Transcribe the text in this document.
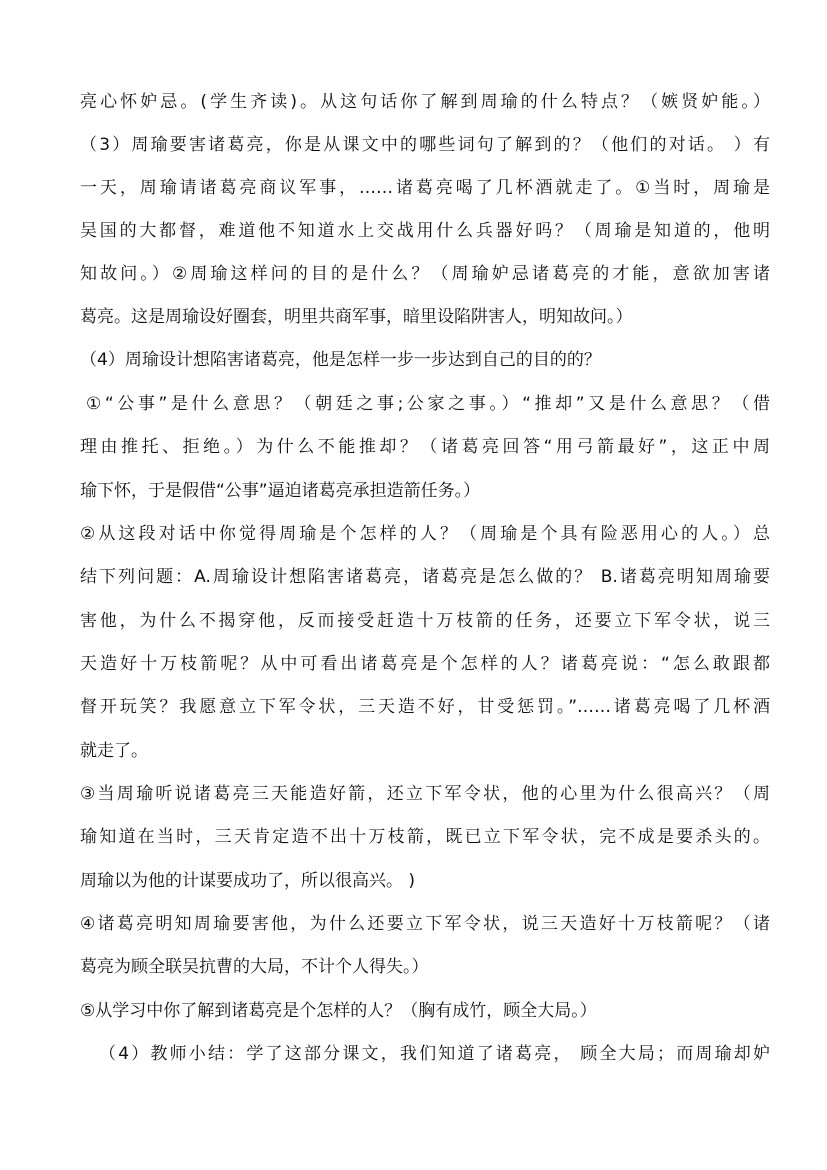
亮心怀妒忌。(学生齐读)。从这句话你了解到周瑜的什么特点？（嫉贤妒能。）
（3）周瑜要害诸葛亮，你是从课文中的哪些词句了解到的？（他们的对话。 ）有
一天，周瑜请诸葛亮商议军事，……诸葛亮喝了几杯酒就走了。①当时，周瑜是
吴国的大都督，难道他不知道水上交战用什么兵器好吗？（周瑜是知道的，他明
知故问。）②周瑜这样问的目的是什么？（周瑜妒忌诸葛亮的才能，意欲加害诸
葛亮。这是周瑜设好圈套，明里共商军事，暗里设陷阱害人，明知故问。）
（4）周瑜设计想陷害诸葛亮，他是怎样一步一步达到自己的目的的？
①“公事”是什么意思？（朝廷之事;公家之事。）“推却”又是什么意思？（借
理由推托、拒绝。）为什么不能推却？（诸葛亮回答“用弓箭最好”，这正中周
瑜下怀，于是假借“公事”逼迫诸葛亮承担造箭任务。）
②从这段对话中你觉得周瑜是个怎样的人？（周瑜是个具有险恶用心的人。）总
结下列问题：A.周瑜设计想陷害诸葛亮，诸葛亮是怎么做的？ B.诸葛亮明知周瑜要
害他，为什么不揭穿他，反而接受赶造十万枝箭的任务，还要立下军令状，说三
天造好十万枝箭呢？从中可看出诸葛亮是个怎样的人？诸葛亮说：“怎么敢跟都
督开玩笑？我愿意立下军令状，三天造不好，甘受惩罚。”……诸葛亮喝了几杯酒
就走了。
③当周瑜听说诸葛亮三天能造好箭，还立下军令状，他的心里为什么很高兴？（周
瑜知道在当时，三天肯定造不出十万枝箭，既已立下军令状，完不成是要杀头的。
周瑜以为他的计谋要成功了，所以很高兴。 )
④诸葛亮明知周瑜要害他，为什么还要立下军令状，说三天造好十万枝箭呢？（诸
葛亮为顾全联吴抗曹的大局，不计个人得失。）
⑤从学习中你了解到诸葛亮是个怎样的人？（胸有成竹，顾全大局。）
（4）教师小结：学了这部分课文，我们知道了诸葛亮， 顾全大局；而周瑜却妒
